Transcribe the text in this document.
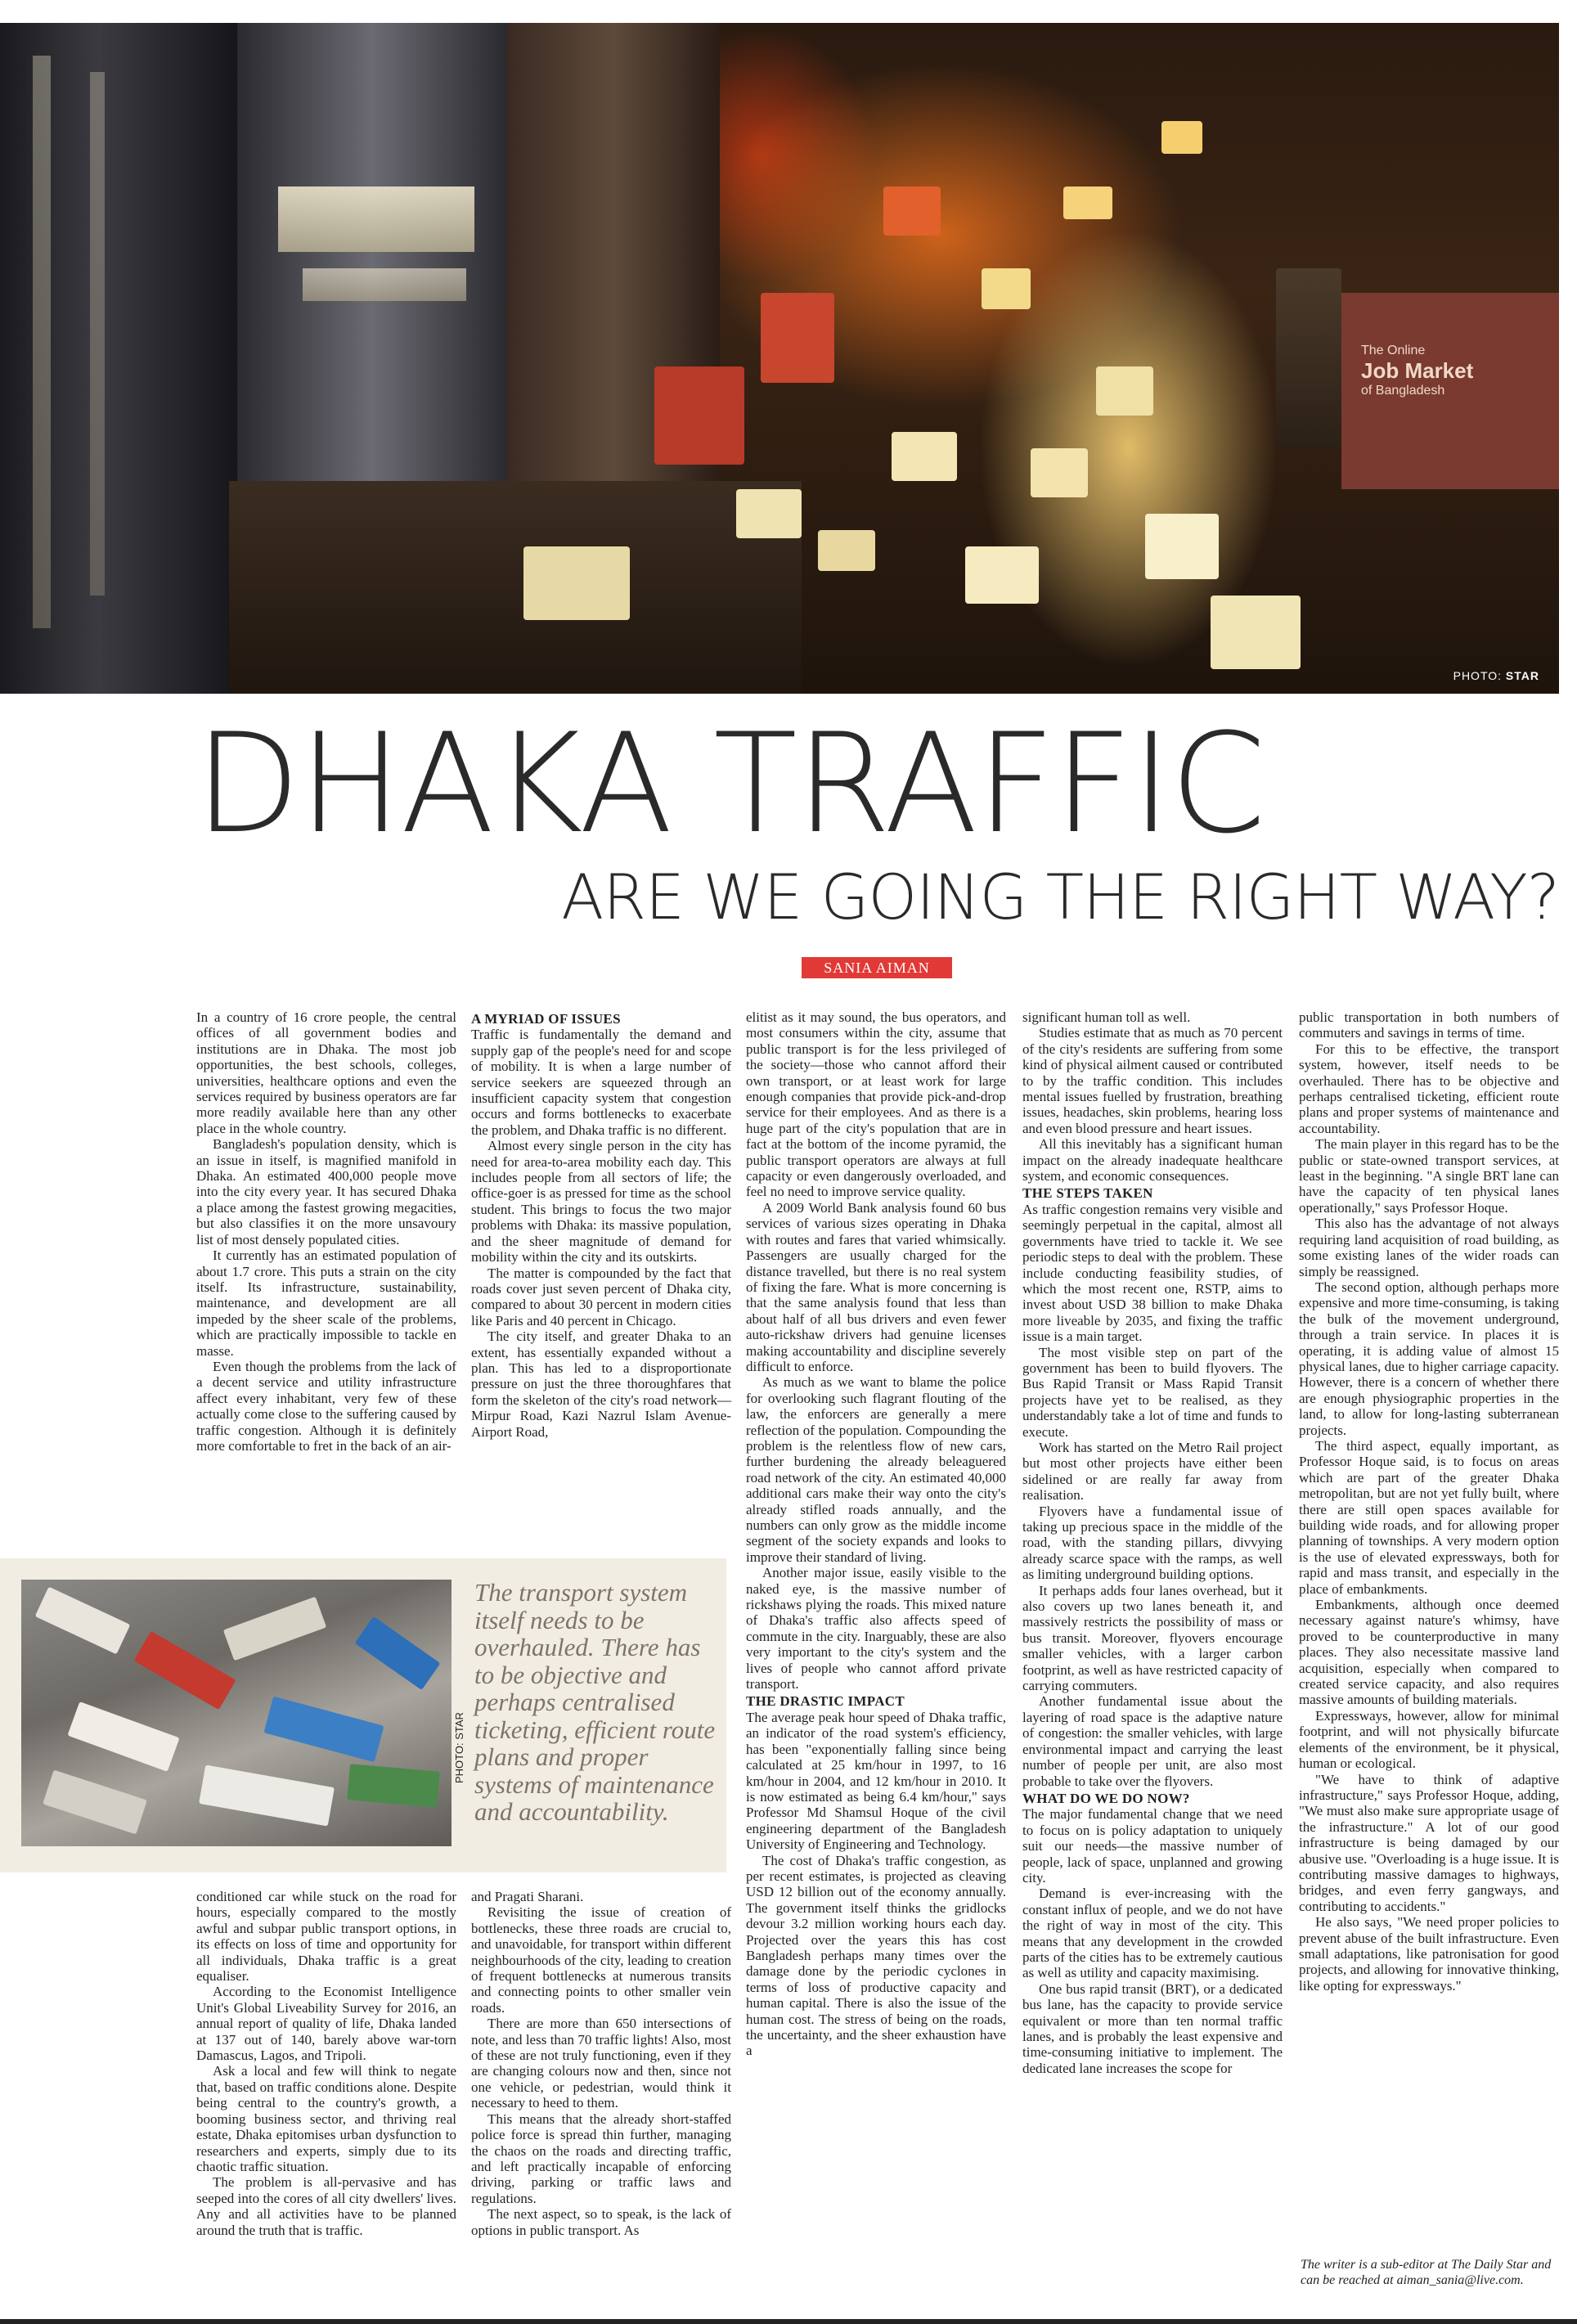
The Online
Job Market
of Bangladesh
PHOTO: STAR
DHAKA TRAFFIC
ARE WE GOING THE RIGHT WAY?
SANIA AIMAN

In a country of 16 crore people, the central offices of all government bodies and institutions are in Dhaka. The most job opportunities, the best schools, colleges, universities, healthcare options and even the services required by business operators are far more readily available here than any other place in the whole country.

Bangladesh's population density, which is an issue in itself, is magnified manifold in Dhaka. An estimated 400,000 people move into the city every year. It has secured Dhaka a place among the fastest growing megacities, but also classifies it on the more unsavoury list of most densely populated cities.

It currently has an estimated population of about 1.7 crore. This puts a strain on the city itself. Its infrastructure, sustainability, maintenance, and development are all impeded by the sheer scale of the problems, which are practically impossible to tackle en masse.

Even though the problems from the lack of a decent service and utility infrastructure affect every inhabitant, very few of these actually come close to the suffering caused by traffic congestion. Although it is definitely more comfortable to fret in the back of an air-

conditioned car while stuck on the road for hours, especially compared to the mostly awful and subpar public transport options, in its effects on loss of time and opportunity for all individuals, Dhaka traffic is a great equaliser.

According to the Economist Intelligence Unit's Global Liveability Survey for 2016, an annual report of quality of life, Dhaka landed at 137 out of 140, barely above war-torn Damascus, Lagos, and Tripoli.

Ask a local and few will think to negate that, based on traffic conditions alone. Despite being central to the country's growth, a booming business sector, and thriving real estate, Dhaka epitomises urban dysfunction to researchers and experts, simply due to its chaotic traffic situation.

The problem is all-pervasive and has seeped into the cores of all city dwellers' lives. Any and all activities have to be planned around the truth that is traffic.

A MYRIAD OF ISSUES

Traffic is fundamentally the demand and supply gap of the people's need for and scope of mobility. It is when a large number of service seekers are squeezed through an insufficient capacity system that congestion occurs and forms bottlenecks to exacerbate the problem, and Dhaka traffic is no different.

Almost every single person in the city has need for area-to-area mobility each day. This includes people from all sectors of life; the office-goer is as pressed for time as the school student. This brings to focus the two major problems with Dhaka: its massive population, and the sheer magnitude of demand for mobility within the city and its outskirts.

The matter is compounded by the fact that roads cover just seven percent of Dhaka city, compared to about 30 percent in modern cities like Paris and 40 percent in Chicago.

The city itself, and greater Dhaka to an extent, has essentially expanded without a plan. This has led to a disproportionate pressure on just the three thoroughfares that form the skeleton of the city's road network—Mirpur Road, Kazi Nazrul Islam Avenue-Airport Road,

and Pragati Sharani.

Revisiting the issue of creation of bottlenecks, these three roads are crucial to, and unavoidable, for transport within different neighbourhoods of the city, leading to creation of frequent bottlenecks at numerous transits and connecting points to other smaller vein roads.

There are more than 650 intersections of note, and less than 70 traffic lights! Also, most of these are not truly functioning, even if they are changing colours now and then, since not one vehicle, or pedestrian, would think it necessary to heed to them.

This means that the already short-staffed police force is spread thin further, managing the chaos on the roads and directing traffic, and left practically incapable of enforcing driving, parking or traffic laws and regulations.

The next aspect, so to speak, is the lack of options in public transport. As

PHOTO: STAR
The transport system itself needs to be overhauled. There has to be objective and perhaps centralised ticketing, efficient route plans and proper systems of maintenance and accountability.

elitist as it may sound, the bus operators, and most consumers within the city, assume that public transport is for the less privileged of the society—those who cannot afford their own transport, or at least work for large enough companies that provide pick-and-drop service for their employees. And as there is a huge part of the city's population that are in fact at the bottom of the income pyramid, the public transport operators are always at full capacity or even dangerously overloaded, and feel no need to improve service quality.

A 2009 World Bank analysis found 60 bus services of various sizes operating in Dhaka with routes and fares that varied whimsically. Passengers are usually charged for the distance travelled, but there is no real system of fixing the fare. What is more concerning is that the same analysis found that less than about half of all bus drivers and even fewer auto-rickshaw drivers had genuine licenses making accountability and discipline severely difficult to enforce.

As much as we want to blame the police for overlooking such flagrant flouting of the law, the enforcers are generally a mere reflection of the population. Compounding the problem is the relentless flow of new cars, further burdening the already beleaguered road network of the city. An estimated 40,000 additional cars make their way onto the city's already stifled roads annually, and the numbers can only grow as the middle income segment of the society expands and looks to improve their standard of living.

Another major issue, easily visible to the naked eye, is the massive number of rickshaws plying the roads. This mixed nature of Dhaka's traffic also affects speed of commute in the city. Inarguably, these are also very important to the city's system and the lives of people who cannot afford private transport.

THE DRASTIC IMPACT

The average peak hour speed of Dhaka traffic, an indicator of the road system's efficiency, has been "exponentially falling since being calculated at 25 km/hour in 1997, to 16 km/hour in 2004, and 12 km/hour in 2010. It is now estimated as being 6.4 km/hour," says Professor Md Shamsul Hoque of the civil engineering department of the Bangladesh University of Engineering and Technology.

The cost of Dhaka's traffic congestion, as per recent estimates, is projected as cleaving USD 12 billion out of the economy annually. The government itself thinks the gridlocks devour 3.2 million working hours each day. Projected over the years this has cost Bangladesh perhaps many times over the damage done by the periodic cyclones in terms of loss of productive capacity and human capital. There is also the issue of the human cost. The stress of being on the roads, the uncertainty, and the sheer exhaustion have a

significant human toll as well.

Studies estimate that as much as 70 percent of the city's residents are suffering from some kind of physical ailment caused or contributed to by the traffic condition. This includes mental issues fuelled by frustration, breathing issues, headaches, skin problems, hearing loss and even blood pressure and heart issues.

All this inevitably has a significant human impact on the already inadequate healthcare system, and economic consequences.

THE STEPS TAKEN

As traffic congestion remains very visible and seemingly perpetual in the capital, almost all governments have tried to tackle it. We see periodic steps to deal with the problem. These include conducting feasibility studies, of which the most recent one, RSTP, aims to invest about USD 38 billion to make Dhaka more liveable by 2035, and fixing the traffic issue is a main target.

The most visible step on part of the government has been to build flyovers. The Bus Rapid Transit or Mass Rapid Transit projects have yet to be realised, as they understandably take a lot of time and funds to execute.

Work has started on the Metro Rail project but most other projects have either been sidelined or are really far away from realisation.

Flyovers have a fundamental issue of taking up precious space in the middle of the road, with the standing pillars, divvying already scarce space with the ramps, as well as limiting underground building options.

It perhaps adds four lanes overhead, but it also covers up two lanes beneath it, and massively restricts the possibility of mass or bus transit. Moreover, flyovers encourage smaller vehicles, with a larger carbon footprint, as well as have restricted capacity of carrying commuters.

Another fundamental issue about the layering of road space is the adaptive nature of congestion: the smaller vehicles, with large environmental impact and carrying the least number of people per unit, are also most probable to take over the flyovers.

WHAT DO WE DO NOW?

The major fundamental change that we need to focus on is policy adaptation to uniquely suit our needs—the massive number of people, lack of space, unplanned and growing city.

Demand is ever-increasing with the constant influx of people, and we do not have the right of way in most of the city. This means that any development in the crowded parts of the cities has to be extremely cautious as well as utility and capacity maximising.

One bus rapid transit (BRT), or a dedicated bus lane, has the capacity to provide service equivalent or more than ten normal traffic lanes, and is probably the least expensive and time-consuming initiative to implement. The dedicated lane increases the scope for

public transportation in both numbers of commuters and savings in terms of time.

For this to be effective, the transport system, however, itself needs to be overhauled. There has to be objective and perhaps centralised ticketing, efficient route plans and proper systems of maintenance and accountability.

The main player in this regard has to be the public or state-owned transport services, at least in the beginning. "A single BRT lane can have the capacity of ten physical lanes operationally," says Professor Hoque.

This also has the advantage of not always requiring land acquisition of road building, as some existing lanes of the wider roads can simply be reassigned.

The second option, although perhaps more expensive and more time-consuming, is taking the bulk of the movement underground, through a train service. In places it is operating, it is adding value of almost 15 physical lanes, due to higher carriage capacity. However, there is a concern of whether there are enough physiographic properties in the land, to allow for long-lasting subterranean projects.

The third aspect, equally important, as Professor Hoque said, is to focus on areas which are part of the greater Dhaka metropolitan, but are not yet fully built, where there are still open spaces available for building wide roads, and for allowing proper planning of townships. A very modern option is the use of elevated expressways, both for rapid and mass transit, and especially in the place of embankments.

Embankments, although once deemed necessary against nature's whimsy, have proved to be counterproductive in many places. They also necessitate massive land acquisition, especially when compared to created service capacity, and also requires massive amounts of building materials.

Expressways, however, allow for minimal footprint, and will not physically bifurcate elements of the environment, be it physical, human or ecological.

"We have to think of adaptive infrastructure," says Professor Hoque, adding, "We must also make sure appropriate usage of the infrastructure." A lot of our good infrastructure is being damaged by our abusive use. "Overloading is a huge issue. It is contributing massive damages to highways, bridges, and even ferry gangways, and contributing to accidents."

He also says, "We need proper policies to prevent abuse of the built infrastructure. Even small adaptations, like patronisation for good projects, and allowing for innovative thinking, like opting for expressways."

The writer is a sub-editor at The Daily Star and can be reached at aiman_sania@live.com.
